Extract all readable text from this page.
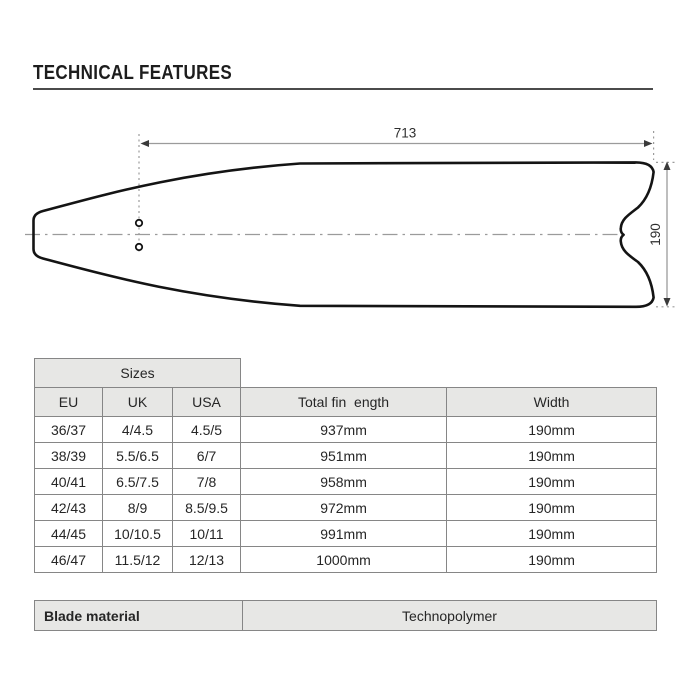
TECHNICAL FEATURES
713
190
Sizes				
EU	UK	USA	Total fin  ength	Width
36/37	4/4.5	4.5/5	937mm	190mm
38/39	5.5/6.5	6/7	951mm	190mm
40/41	6.5/7.5	7/8	958mm	190mm
42/43	8/9	8.5/9.5	972mm	190mm
44/45	10/10.5	10/11	991mm	190mm
46/47	11.5/12	12/13	1000mm	190mm
Blade material	Technopolymer
